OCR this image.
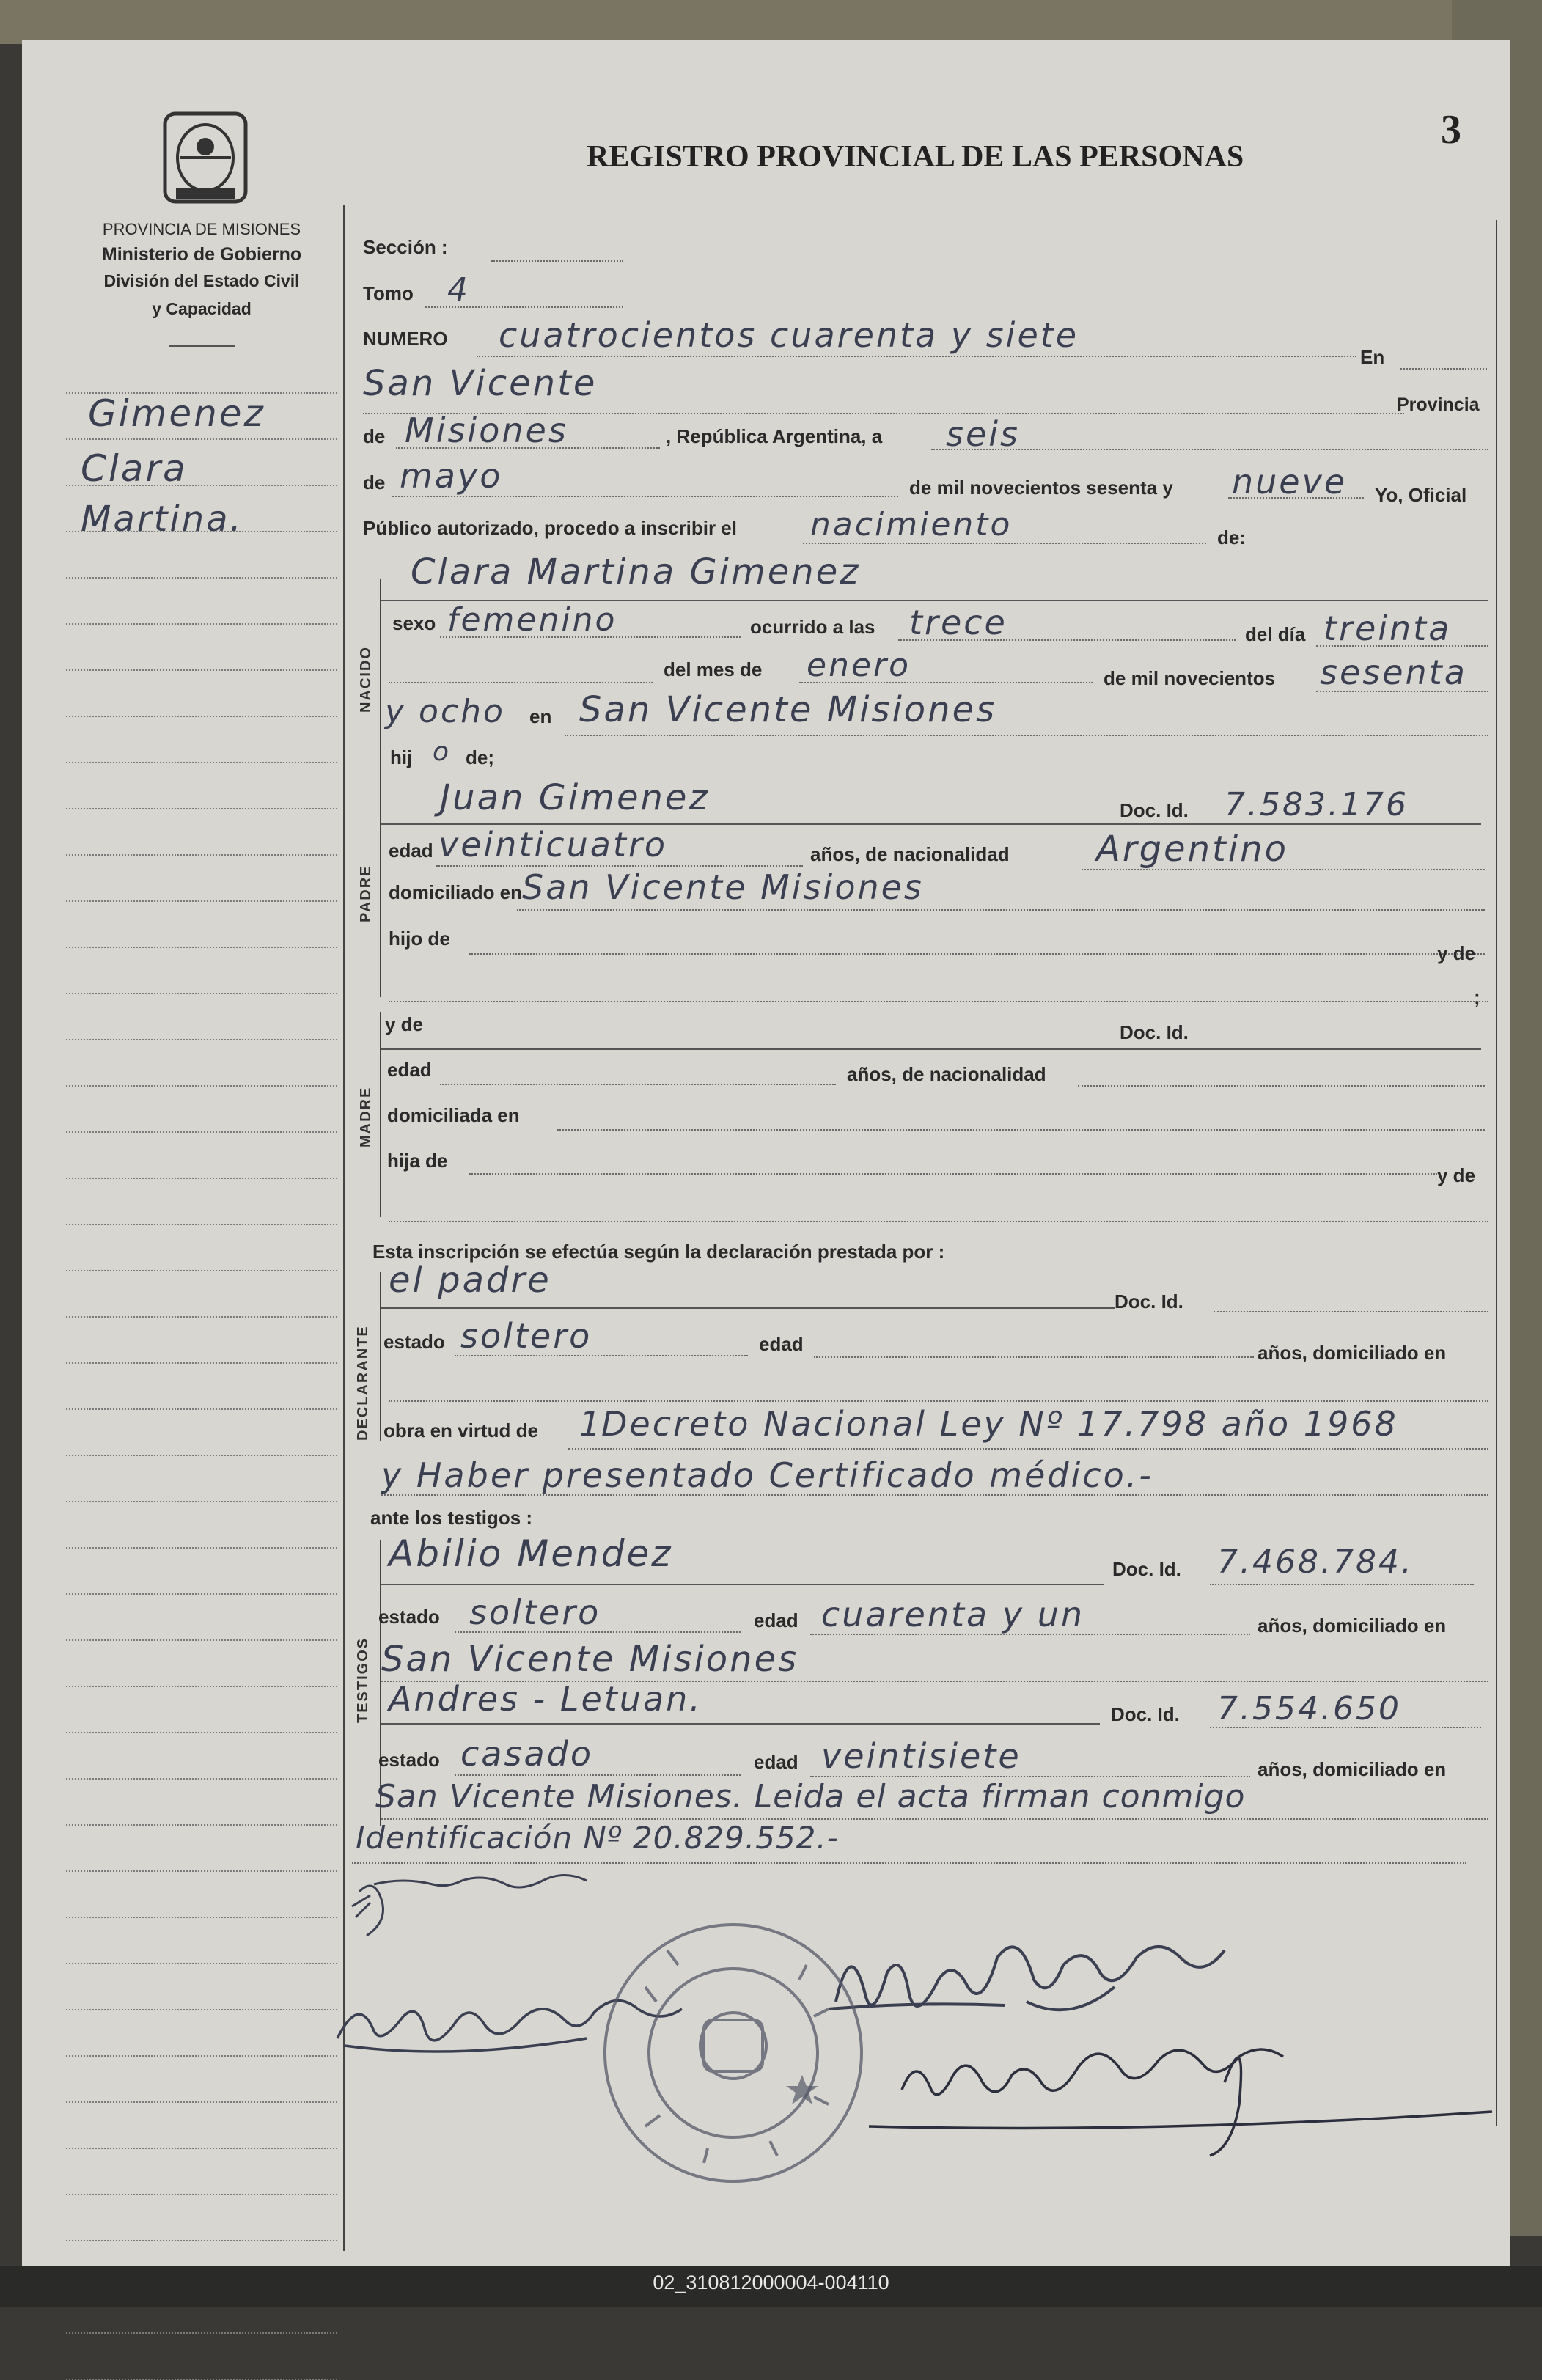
PROVINCIA DE MISIONES
Ministerio de Gobierno
División del Estado Civil
y Capacidad
Gimenez
Clara
Martina.
REGISTRO PROVINCIAL DE LAS PERSONAS
3
Sección :
Tomo 4
NUMERO cuatrocientos cuarenta y siete
En
San Vicente
Provincia
de Misiones	, República Argentina, a seis
de mayo	de mil novecientos sesenta y nueve Yo, Oficial
Público autorizado, procedo a inscribir el nacimiento	de:
NACIDO
Clara Martina Gimenez
sexo femenino	ocurrido a las trece	del día treinta
del mes de enero	de mil novecientos sesenta
y ocho en San Vicente Misiones
hij o de;
PADRE
Juan Gimenez	Doc. Id. 7.583.176
edad veinticuatro	años, de nacionalidad Argentino
domiciliado en San Vicente Misiones
hijo de
y de
;
MADRE
y de	Doc. Id.
edad	años, de nacionalidad
domiciliada en
hija de
y de
Esta inscripción se efectúa según la declaración prestada por :
DECLARANTE
el padre
Doc. Id.
estado soltero	edad	años, domiciliado en
obra en virtud de 1
Decreto Nacional Ley Nº 17.798 año 1968
y Haber presentado Certificado médico.-
ante los testigos :
TESTIGOS
Abilio Mendez	Doc. Id. 7.468.784.
estado soltero	edad cuarenta y un	años, domiciliado en
San Vicente Misiones
Andres - Letuan.	Doc. Id. 7.554.650
estado casado	edad veintisiete	años, domiciliado en
San Vicente Misiones. Leida el acta firman conmigo
Identificación Nº 20.829.552.-
02_310812000004-004110
